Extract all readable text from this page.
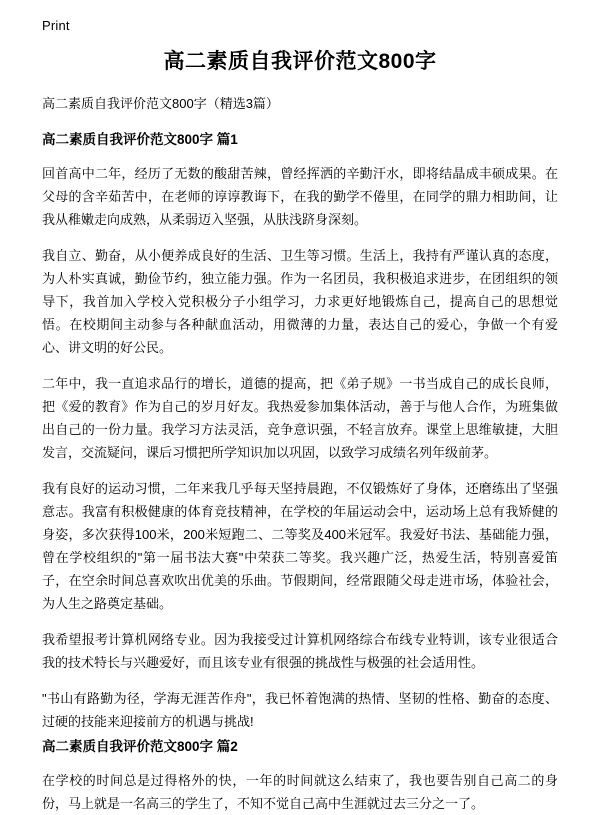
Print
高二素质自我评价范文800字

高二素质自我评价范文800字（精选3篇）

高二素质自我评价范文800字 篇1

回首高中二年，经历了无数的酸甜苦辣，曾经挥洒的辛勤汗水，即将结晶成丰硕成果。在父母的含辛茹苦中，在老师的谆谆教诲下，在我的勤学不倦里，在同学的鼎力相助间，让我从稚嫩走向成熟，从柔弱迈入坚强，从肤浅跻身深刻。

我自立、勤奋，从小便养成良好的生活、卫生等习惯。生活上，我持有严谨认真的态度，为人朴实真诚，勤俭节约，独立能力强。作为一名团员，我积极追求进步，在团组织的领导下，我首加入学校入党积极分子小组学习，力求更好地锻炼自己，提高自己的思想觉悟。在校期间主动参与各种献血活动，用微薄的力量，表达自己的爱心，争做一个有爱心、讲文明的好公民。

二年中，我一直追求品行的增长，道德的提高，把《弟子规》一书当成自己的成长良师，把《爱的教育》作为自己的岁月好友。我热爱参加集体活动，善于与他人合作，为班集做出自己的一份力量。我学习方法灵活，竞争意识强，不轻言放弃。课堂上思维敏捷，大胆发言，交流疑问，课后习惯把所学知识加以巩固，以致学习成绩名列年级前茅。

我有良好的运动习惯，二年来我几乎每天坚持晨跑，不仅锻炼好了身体，还磨练出了坚强意志。我富有积极健康的体育竞技精神，在学校的年届运动会中，运动场上总有我矫健的身姿，多次获得100米，200米短跑二、二等奖及400米冠军。我爱好书法、基础能力强，曾在学校组织的"第一届书法大赛"中荣获二等奖。我兴趣广泛，热爱生活，特别喜爱笛子，在空余时间总喜欢吹出优美的乐曲。节假期间，经常跟随父母走进市场，体验社会，为人生之路奠定基础。

我希望报考计算机网络专业。因为我接受过计算机网络综合布线专业特训，该专业很适合我的技术特长与兴趣爱好，而且该专业有很强的挑战性与极强的社会适用性。

"书山有路勤为径，学海无涯苦作舟"，我已怀着饱满的热情、坚韧的性格、勤奋的态度、过硬的技能来迎接前方的机遇与挑战!

高二素质自我评价范文800字 篇2

在学校的时间总是过得格外的快，一年的时间就这么结束了，我也要告别自己高二的身份，马上就是一名高三的学生了，不知不觉自己高中生涯就过去三分之一了。
